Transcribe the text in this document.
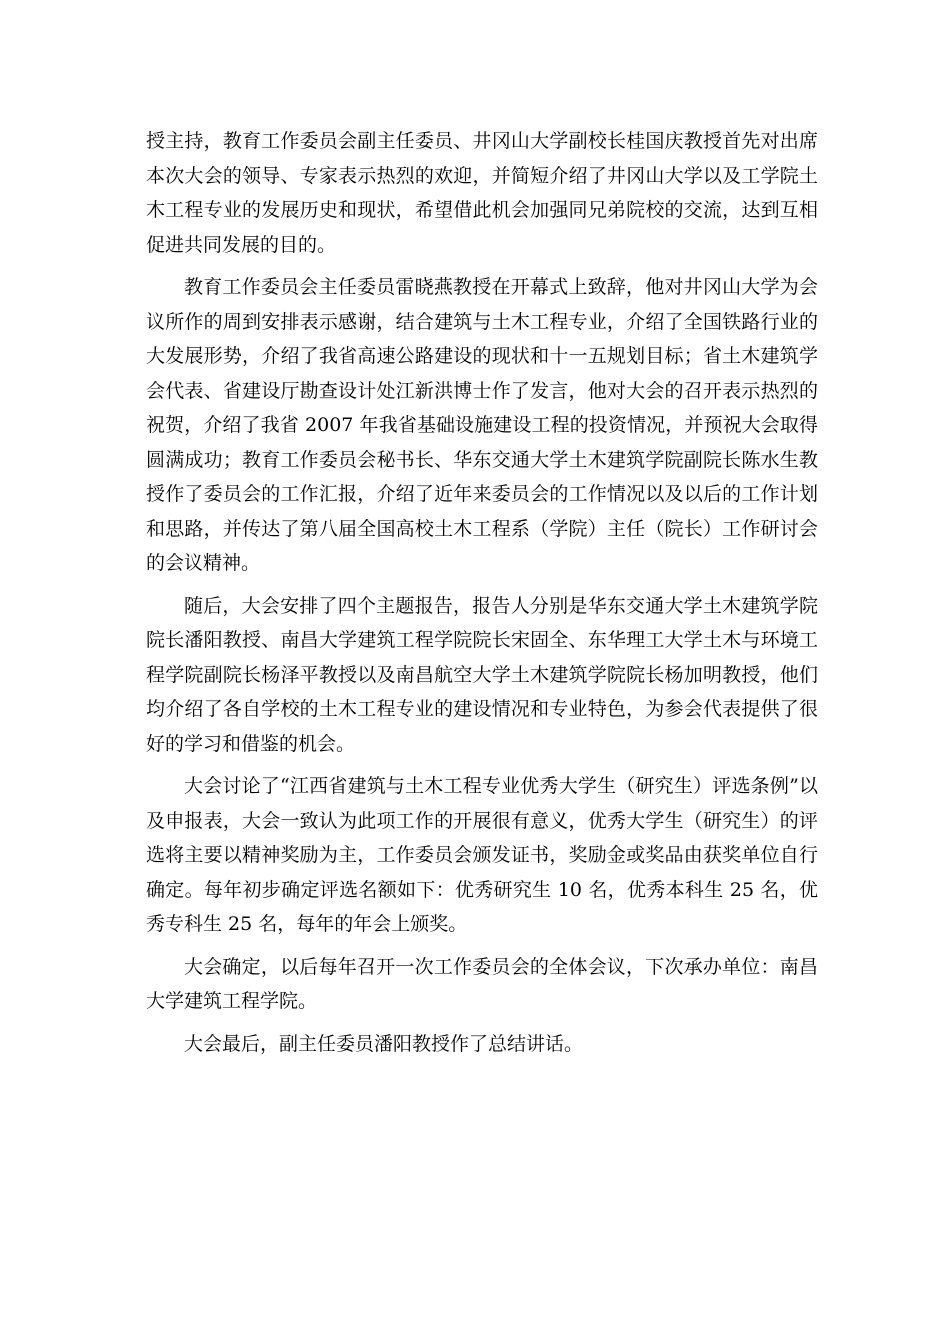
授主持，教育工作委员会副主任委员、井冈山大学副校长桂国庆教授首先对出席本次大会的领导、专家表示热烈的欢迎，并简短介绍了井冈山大学以及工学院土木工程专业的发展历史和现状，希望借此机会加强同兄弟院校的交流，达到互相促进共同发展的目的。

教育工作委员会主任委员雷晓燕教授在开幕式上致辞，他对井冈山大学为会议所作的周到安排表示感谢，结合建筑与土木工程专业，介绍了全国铁路行业的大发展形势，介绍了我省高速公路建设的现状和十一五规划目标；省土木建筑学会代表、省建设厅勘查设计处江新洪博士作了发言，他对大会的召开表示热烈的祝贺，介绍了我省 2007 年我省基础设施建设工程的投资情况，并预祝大会取得圆满成功；教育工作委员会秘书长、华东交通大学土木建筑学院副院长陈水生教授作了委员会的工作汇报，介绍了近年来委员会的工作情况以及以后的工作计划和思路，并传达了第八届全国高校土木工程系（学院）主任（院长）工作研讨会的会议精神。

随后，大会安排了四个主题报告，报告人分别是华东交通大学土木建筑学院院长潘阳教授、南昌大学建筑工程学院院长宋固全、东华理工大学土木与环境工程学院副院长杨泽平教授以及南昌航空大学土木建筑学院院长杨加明教授，他们均介绍了各自学校的土木工程专业的建设情况和专业特色，为参会代表提供了很好的学习和借鉴的机会。

大会讨论了“江西省建筑与土木工程专业优秀大学生（研究生）评选条例”以及申报表，大会一致认为此项工作的开展很有意义，优秀大学生（研究生）的评选将主要以精神奖励为主，工作委员会颁发证书，奖励金或奖品由获奖单位自行确定。每年初步确定评选名额如下：优秀研究生 10 名，优秀本科生 25 名，优秀专科生 25 名，每年的年会上颁奖。

大会确定，以后每年召开一次工作委员会的全体会议，下次承办单位：南昌大学建筑工程学院。

大会最后，副主任委员潘阳教授作了总结讲话。
